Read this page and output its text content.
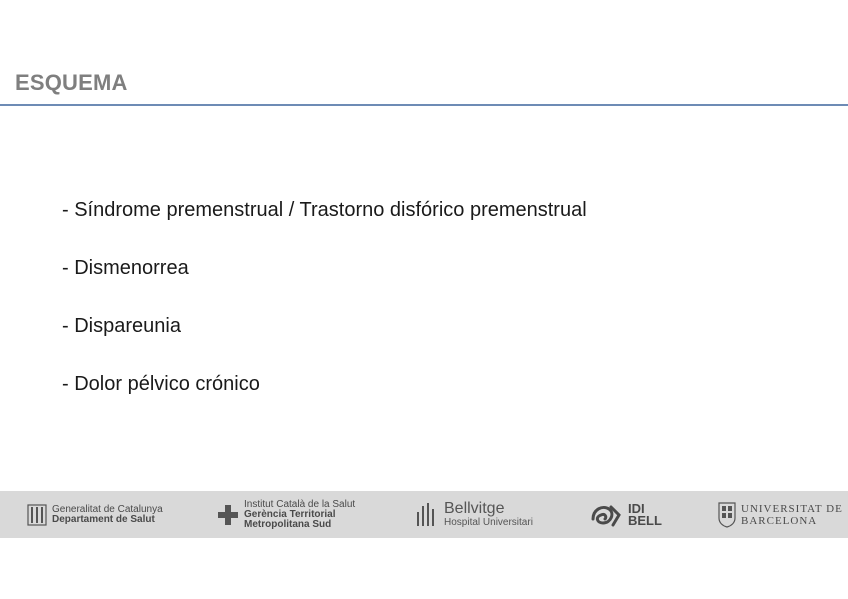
ESQUEMA
- Síndrome premenstrual / Trastorno disfórico premenstrual
- Dismenorrea
- Dispareunia
- Dolor pélvico crónico
Generalitat de Catalunya
Departament de Salut
Institut Català de la Salut
Gerència Territorial
Metropolitana Sud
Bellvitge
Hospital Universitari
IDI
BELL
UNIVERSITAT DE
BARCELONA
